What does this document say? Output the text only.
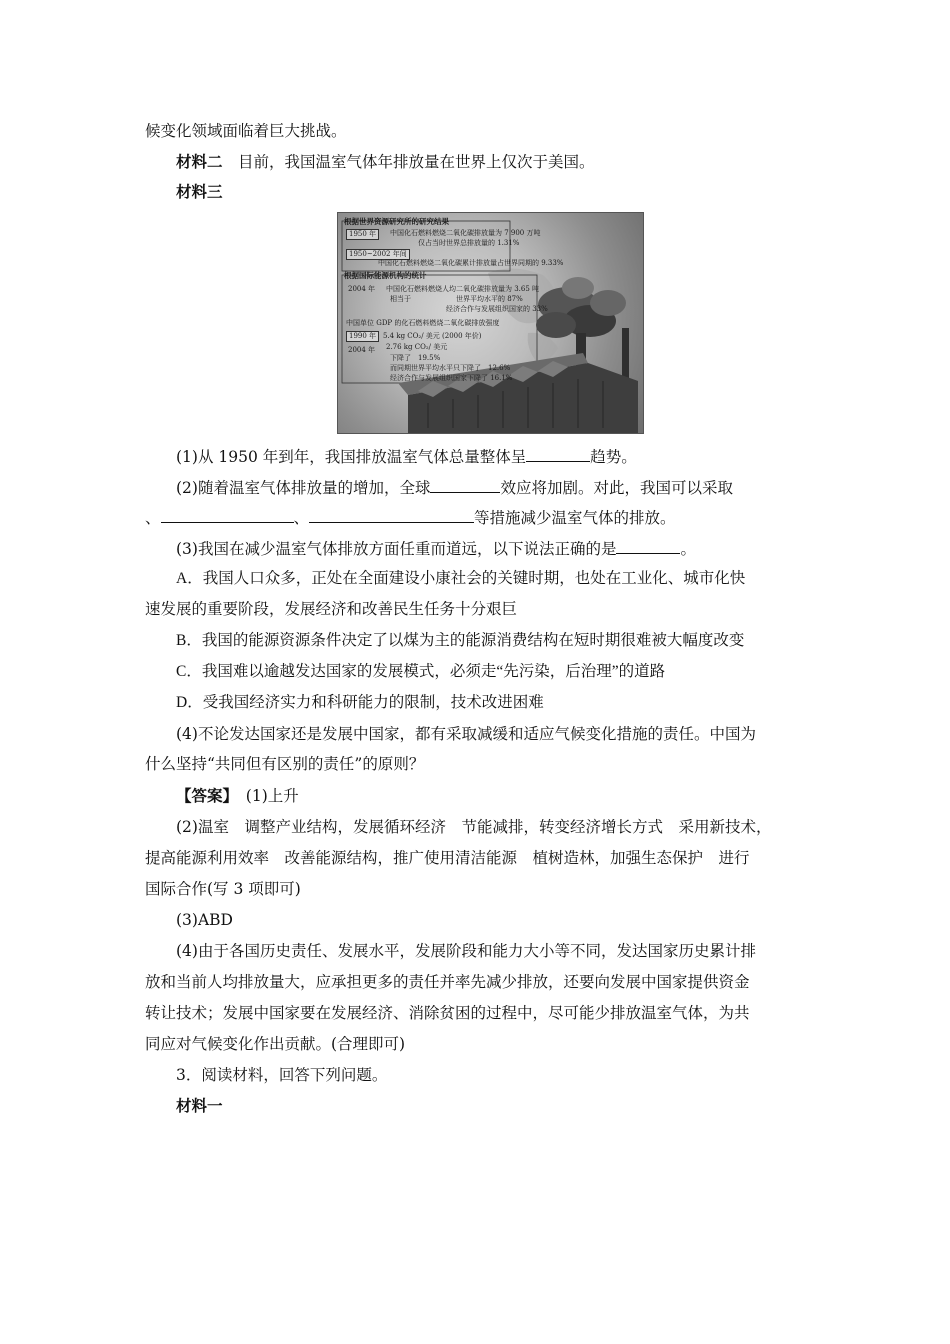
候变化领域面临着巨大挑战。
材料二　 目前，我国温室气体年排放量在世界上仅次于美国。
材料三
根据世界资源研究所的研究结果
1950 年	中国化石燃料燃烧二氧化碳排放量为 7 900 万吨
仅占当时世界总排放量的 1.31%
1950~2002 年间
中国化石燃料燃烧二氧化碳累计排放量占世界同期的 9.33%
根据国际能源机构的统计
2004 年 中国化石燃料燃烧人均二氧化碳排放量为 3.65 吨
相当于	世界平均水平的 87%
经济合作与发展组织国家的 33%
中国单位 GDP 的化石燃料燃烧二氧化碳排放强度
1990 年 5.4 kg CO₂/ 美元 (2000 年价)
2004 年 2.76 kg CO₂/ 美元
下降了　19.5%
而同期世界平均水平只下降了　12.6%
经济合作与发展组织国家下降了 16.1%
(1)从 1950 年到年，我国排放温室气体总量整体呈	趋势。
(2)随着温室气体排放量的增加，全球	效应将加剧。对此，我国可以采取
、	、	等措施减少温室气体的排放。
(3)我国在减少温室气体排放方面任重而道远，以下说法正确的是	。
A．我国人口众多，正处在全面建设小康社会的关键时期，也处在工业化、城市化快
速发展的重要阶段，发展经济和改善民生任务十分艰巨
B．我国的能源资源条件决定了以煤为主的能源消费结构在短时期很难被大幅度改变
C．我国难以逾越发达国家的发展模式，必须走“先污染，后治理”的道路
D．受我国经济实力和科研能力的限制，技术改进困难
(4)不论发达国家还是发展中国家，都有采取减缓和适应气候变化措施的责任。中国为
什么坚持“共同但有区别的责任”的原则？
【答案】　 (1)上升
(2)温室　调整产业结构，发展循环经济　节能减排，转变经济增长方式　采用新技术，
提高能源利用效率　改善能源结构，推广使用清洁能源　植树造林，加强生态保护　进行
国际合作(写 3 项即可)
(3)ABD
(4)由于各国历史责任、发展水平，发展阶段和能力大小等不同，发达国家历史累计排
放和当前人均排放量大，应承担更多的责任并率先减少排放，还要向发展中国家提供资金
转让技术；发展中国家要在发展经济、消除贫困的过程中，尽可能少排放温室气体，为共
同应对气候变化作出贡献。(合理即可)
3．阅读材料，回答下列问题。
材料一
